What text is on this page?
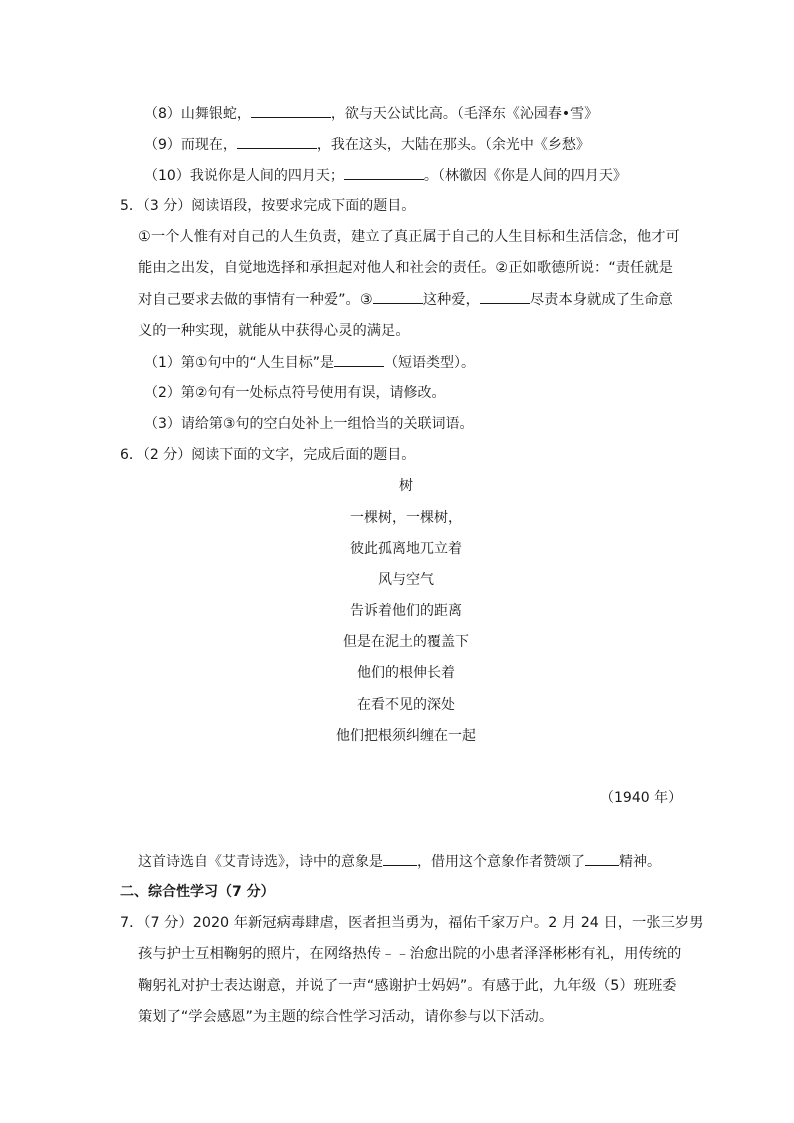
（8）山舞银蛇，	，欲与天公试比高。（毛泽东《沁园春•雪》
（9）而现在，	，我在这头，大陆在那头。（余光中《乡愁》
（10）我说你是人间的四月天；	。（林徽因《你是人间的四月天》
5．（3 分）阅读语段，按要求完成下面的题目。
①一个人惟有对自己的人生负责，建立了真正属于自己的人生目标和生活信念，他才可
能由之出发，自觉地选择和承担起对他人和社会的责任。②正如歌德所说：“责任就是
对自己要求去做的事情有一种爱”。③	这种爱，	尽责本身就成了生命意
义的一种实现，就能从中获得心灵的满足。
（1）第①句中的“人生目标”是	（短语类型）。
（2）第②句有一处标点符号使用有误，请修改。
（3）请给第③句的空白处补上一组恰当的关联词语。
6．（2 分）阅读下面的文字，完成后面的题目。
树
一棵树，一棵树，
彼此孤离地兀立着
风与空气
告诉着他们的距离
但是在泥土的覆盖下
他们的根伸长着
在看不见的深处
他们把根须纠缠在一起
（1940 年）
这首诗选自《艾青诗选》，诗中的意象是 ，借用这个意象作者赞颂了 精神。
二、综合性学习（7 分）
7．（7 分）2020 年新冠病毒肆虐，医者担当勇为，福佑千家万户。2 月 24 日，一张三岁男
孩与护士互相鞠躬的照片，在网络热传﹣﹣治愈出院的小患者泽泽彬彬有礼，用传统的
鞠躬礼对护士表达谢意，并说了一声“感谢护士妈妈”。有感于此，九年级（5）班班委
策划了“学会感恩”为主题的综合性学习活动，请你参与以下活动。
